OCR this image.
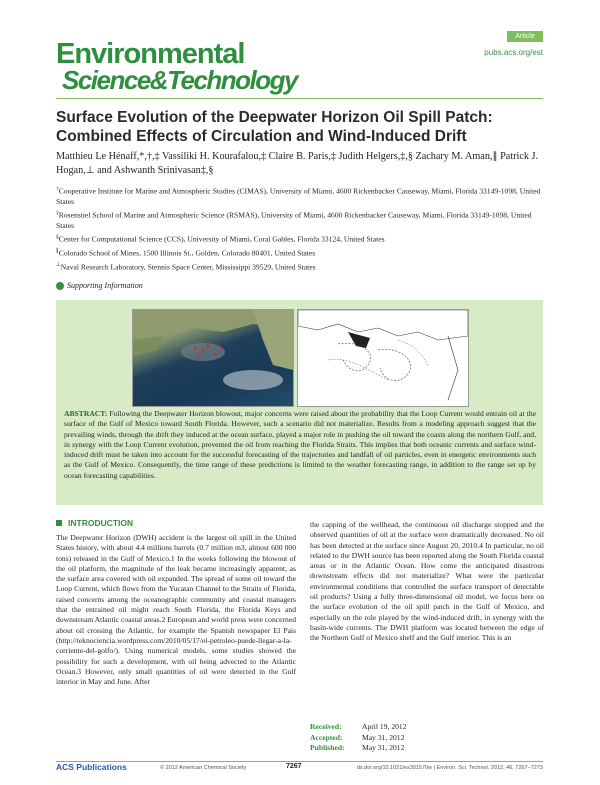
Environmental
Science&Technology
Article
pubs.acs.org/est
Surface Evolution of the Deepwater Horizon Oil Spill Patch: Combined Effects of Circulation and Wind-Induced Drift
Matthieu Le Hénaff,*,†,‡ Vassiliki H. Kourafalou,‡ Claire B. Paris,‡ Judith Helgers,‡,§ Zachary M. Aman,∥ Patrick J. Hogan,⊥ and Ashwanth Srinivasan‡,§
†Cooperative Institute for Marine and Atmospheric Studies (CIMAS), University of Miami, 4600 Rickenbacker Causeway, Miami, Florida 33149-1098, United States
‡Rosenstiel School of Marine and Atmospheric Science (RSMAS), University of Miami, 4600 Rickenbacker Causeway, Miami, Florida 33149-1098, United States
§Center for Computational Science (CCS), University of Miami, Coral Gables, Florida 33124, United States
∥Colorado School of Mines, 1500 Illinois St., Golden, Colorado 80401, United States
⊥Naval Research Laboratory, Stennis Space Center, Mississippi 39529, United States
Supporting Information
ABSTRACT: Following the Deepwater Horizon blowout, major concerns were raised about the probability that the Loop Current would entrain oil at the surface of the Gulf of Mexico toward South Florida. However, such a scenario did not materialize. Results from a modeling approach suggest that the prevailing winds, through the drift they induced at the ocean surface, played a major role in pushing the oil toward the coasts along the northern Gulf, and, in synergy with the Loop Current evolution, prevented the oil from reaching the Florida Straits. This implies that both oceanic currents and surface wind-induced drift must be taken into account for the successful forecasting of the trajectories and landfall of oil particles, even in energetic environments such as the Gulf of Mexico. Consequently, the time range of these predictions is limited to the weather forecasting range, in addition to the range set up by ocean forecasting capabilities.
INTRODUCTION
The Deepwater Horizon (DWH) accident is the largest oil spill in the United States history, with about 4.4 millions barrels (0.7 million m3, almost 600 000 tons) released in the Gulf of Mexico.1 In the weeks following the blowout of the oil platform, the magnitude of the leak became increasingly apparent, as the surface area covered with oil expanded. The spread of some oil toward the Loop Current, which flows from the Yucatan Channel to the Straits of Florida, raised concerns among the oceanographic community and coastal managers that the entrained oil might reach South Florida, the Florida Keys and downstream Atlantic coastal areas.2 European and world press were concerned about oil crossing the Atlantic, for example the Spanish newspaper El Pais (http://teknociencia.wordpress.com/2010/05/17/el-petroleo-puede-llegar-a-la-corriente-del-golfo/). Using numerical models, some studies showed the possibility for such a development, with oil being advected to the Atlantic Ocean.3 However, only small quantities of oil were detected in the Gulf interior in May and June. After
the capping of the wellhead, the continuous oil discharge stopped and the observed quantities of oil at the surface were dramatically decreased. No oil has been detected at the surface since August 20, 2010.4 In particular, no oil related to the DWH source has been reported along the South Florida coastal areas or in the Atlantic Ocean. How come the anticipated disastrous downstream effects did not materialize? What were the particular environmental conditions that controlled the surface transport of detectable oil products? Using a fully three-dimensional oil model, we focus here on the surface evolution of the oil spill patch in the Gulf of Mexico, and especially on the role played by the wind-induced drift, in synergy with the basin-wide currents. The DWH platform was located between the edge of the Northern Gulf of Mexico shelf and the Gulf interior. This is an
Received:	April 19, 2012
Accepted:	May 31, 2012
Published: May 31, 2012
ACS Publications	© 2012 American Chemical Society	7267	dx.doi.org/10.1021/es301570w | Environ. Sci. Technol. 2012, 46, 7267−7273
